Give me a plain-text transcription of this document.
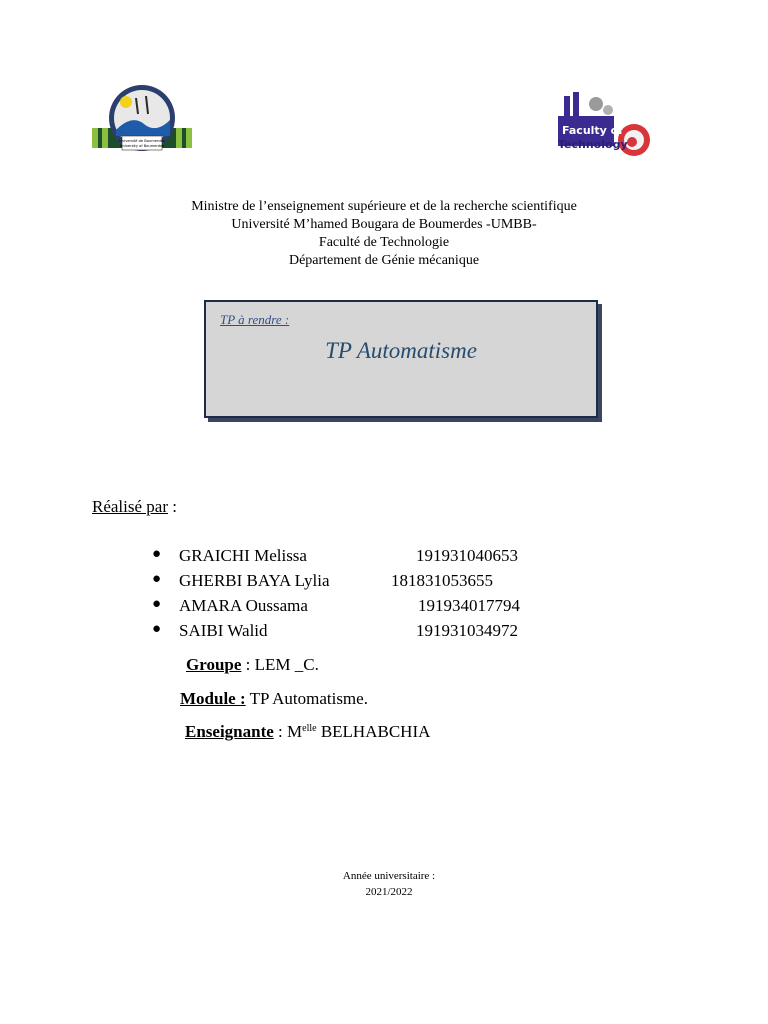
Université de Boumerdès
University of Boumerdes
Faculty of
Technology
Ministre de l’enseignement supérieure et de la recherche scientifique
Université M’hamed Bougara de Boumerdes -UMBB-
Faculté de Technologie
Département de Génie mécanique
TP à rendre :
TP Automatisme
Réalisé par :
● GRAICHI Melissa	191931040653
● GHERBI BAYA Lylia	181831053655
● AMARA Oussama	191934017794
● SAIBI Walid	191931034972
Groupe : LEM _C.
Module : TP Automatisme.
Enseignante : $M^{elle}$ BELHABCHIA
Année universitaire :
2021/2022
